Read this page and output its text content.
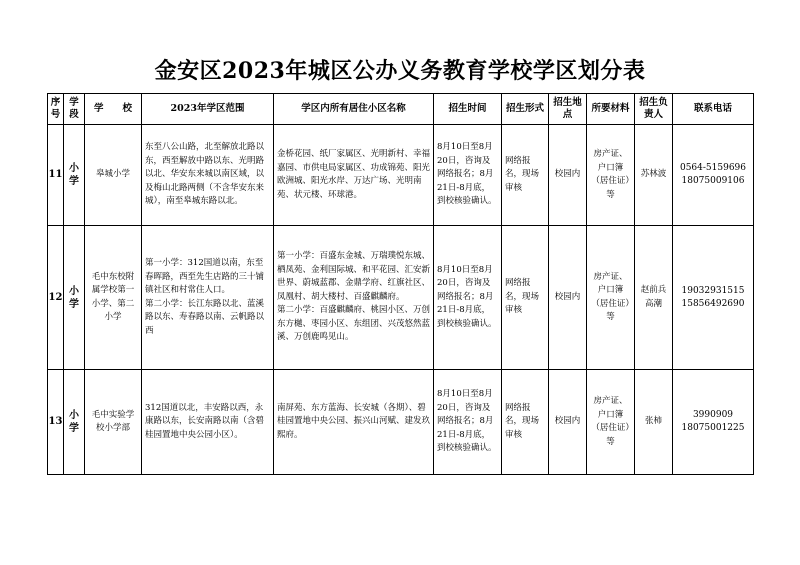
金安区2023年城区公办义务教育学校学区划分表
序号	学段	学　　校	2023年学区范围	学区内所有居住小区名称	招生时间	招生形式	招生地点	所要材料	招生负责人	联系电话
11	小学	皋城小学	东至八公山路，北至解放北路以东，西至解放中路以东、光明路以北、华安东来城以南区域，以及梅山北路两侧（不含华安东来城），南至皋城东路以北。	金桥花园、纸厂家属区、光明新村、幸福嘉园、市供电局家属区、功成锦苑、阳光欧洲城、阳光水岸、万达广场、光明南苑、状元楼、环球港。	8月10日至8月20日，咨询及网络报名；8月21日-8月底，到校核验确认。	网络报名，现场审核	校园内	房产证、户口簿（居住证）等	苏林波	0564-5159696
18075009106
12	小学	毛中东校附属学校第一小学、第二小学	第一小学：312国道以南，东至春晖路，西至先生店路的三十铺镇社区和村常住人口。
第二小学：长江东路以北、蓝溪路以东、寿春路以南、云帆路以西	第一小学：百盛东金城、万瑞璞悦东城、栖凤苑、金利国际城、和平花园、汇安新世界、蔚城蓝郡、金鼎学府、红旗社区、凤凰村、胡大楼村、百盛麒麟府。
第二小学：百盛麒麟府、桃园小区、万创东方樾、枣园小区、东组团、兴茂悠然蓝溪、万创鹿鸣见山。	8月10日至8月20日，咨询及网络报名；8月21日-8月底，到校核验确认。	网络报名，现场审核	校园内	房产证、户口簿（居住证）等	赵前兵
高潮	19032931515
15856492690
13	小学	毛中实验学校小学部	312国道以北，丰安路以西，永康路以东，长安南路以南（含碧桂园置地中央公园小区）。	南屏苑、东方蓝海、长安城（各期）、碧桂园置地中央公园、振兴山河赋、建发玖熙府。	8月10日至8月20日，咨询及网络报名；8月21日-8月底，到校核验确认。	网络报名，现场审核	校园内	房产证、户口簿（居住证）等	张柿	3990909
18075001225
